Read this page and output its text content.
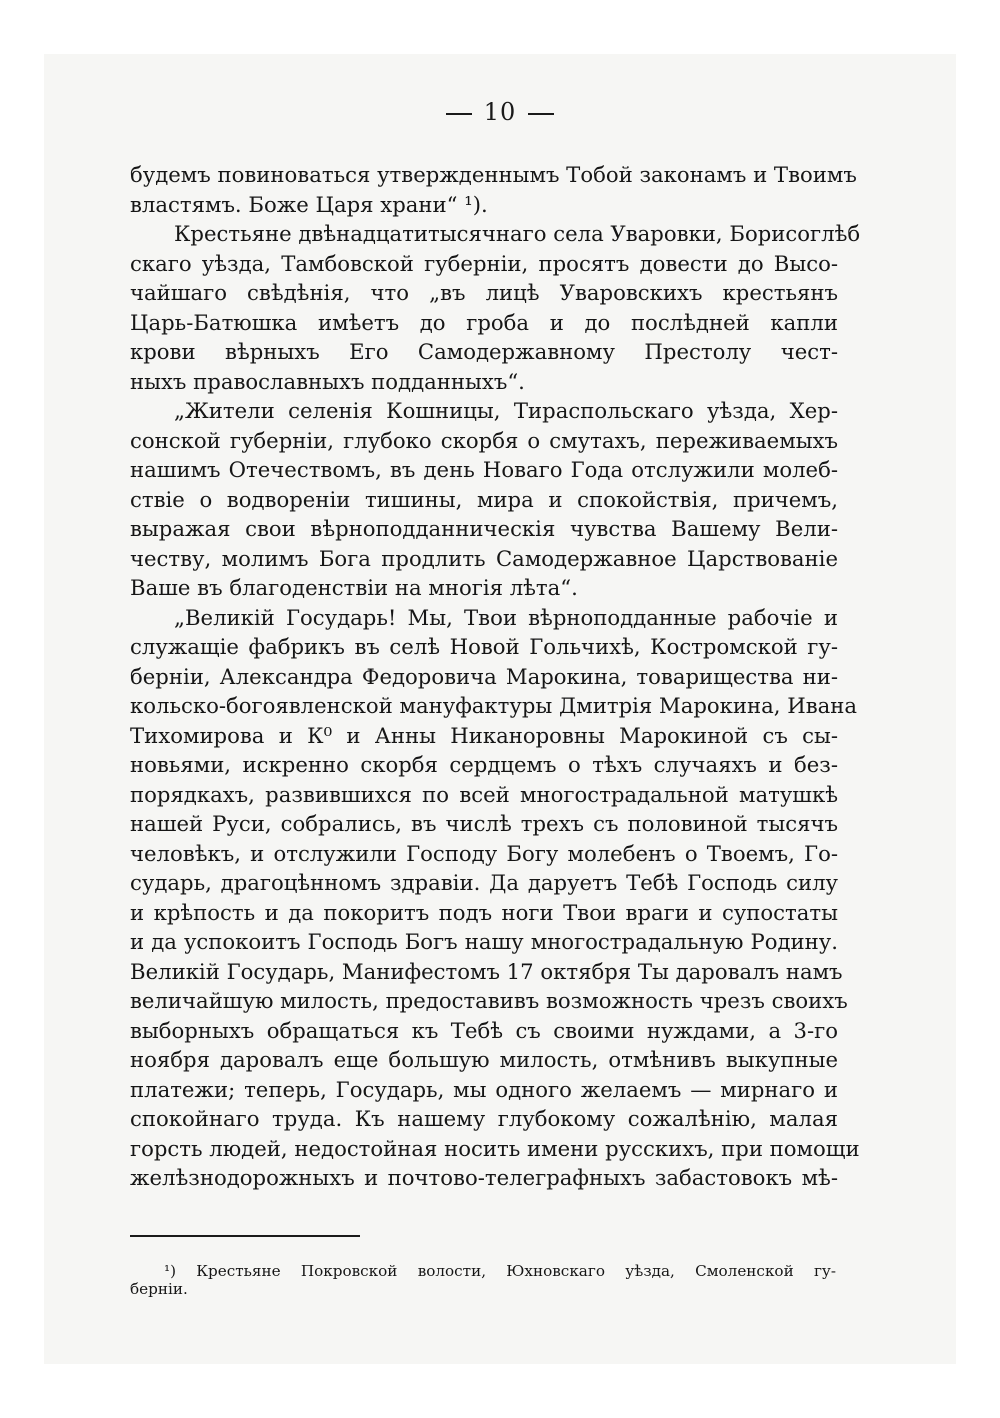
10
будемъ повиноваться утвержденнымъ Тобой законамъ и Твоимъ
властямъ. Боже Царя храни“ ¹).
Крестьяне двѣнадцатитысячнаго села Уваровки, Борисоглѣб
скаго уѣзда, Тамбовской губерніи, просятъ довести до Высо-
чайшаго свѣдѣнія, что „въ лицѣ Уваровскихъ крестьянъ
Царь-Батюшка имѣетъ до гроба и до послѣдней капли
крови вѣрныхъ Его Самодержавному Престолу чест-
ныхъ православныхъ подданныхъ“.
„Жители селенія Кошницы, Тираспольскаго уѣзда, Хер-
сонской губерніи, глубоко скорбя о смутахъ, переживаемыхъ
нашимъ Отечествомъ, въ день Новаго Года отслужили молеб-
ствіе о водвореніи тишины, мира и спокойствія, причемъ,
выражая свои вѣрноподданническія чувства Вашему Вели-
честву, молимъ Бога продлить Самодержавное Царствованіе
Ваше въ благоденствіи на многія лѣта“.
„Великій Государь! Мы, Твои вѣрноподданные рабочіе и
служащіе фабрикъ въ селѣ Новой Гольчихѣ, Костромской гу-
берніи, Александра Федоровича Марокина, товарищества ни-
кольско-богоявленской мануфактуры Дмитрія Марокина, Ивана
Тихомирова и К⁰ и Анны Никаноровны Марокиной съ сы-
новьями, искренно скорбя сердцемъ о тѣхъ случаяхъ и без-
порядкахъ, развившихся по всей многострадальной матушкѣ
нашей Руси, собрались, въ числѣ трехъ съ половиной тысячъ
человѣкъ, и отслужили Господу Богу молебенъ о Твоемъ, Го-
сударь, драгоцѣнномъ здравіи. Да даруетъ Тебѣ Господь силу
и крѣпость и да покоритъ подъ ноги Твои враги и супостаты
и да успокоитъ Господь Богъ нашу многострадальную Родину.
Великій Государь, Манифестомъ 17 октября Ты даровалъ намъ
величайшую милость, предоставивъ возможность чрезъ своихъ
выборныхъ обращаться къ Тебѣ съ своими нуждами, а 3-го
ноября даровалъ еще большую милость, отмѣнивъ выкупные
платежи; теперь, Государь, мы одного желаемъ — мирнаго и
спокойнаго труда. Къ нашему глубокому сожалѣнію, малая
горсть людей, недостойная носить имени русскихъ, при помощи
желѣзнодорожныхъ и почтово-телеграфныхъ забастовокъ мѣ-
¹) Крестьяне Покровской волости, Юхновскаго уѣзда, Смоленской гу-
берніи.
